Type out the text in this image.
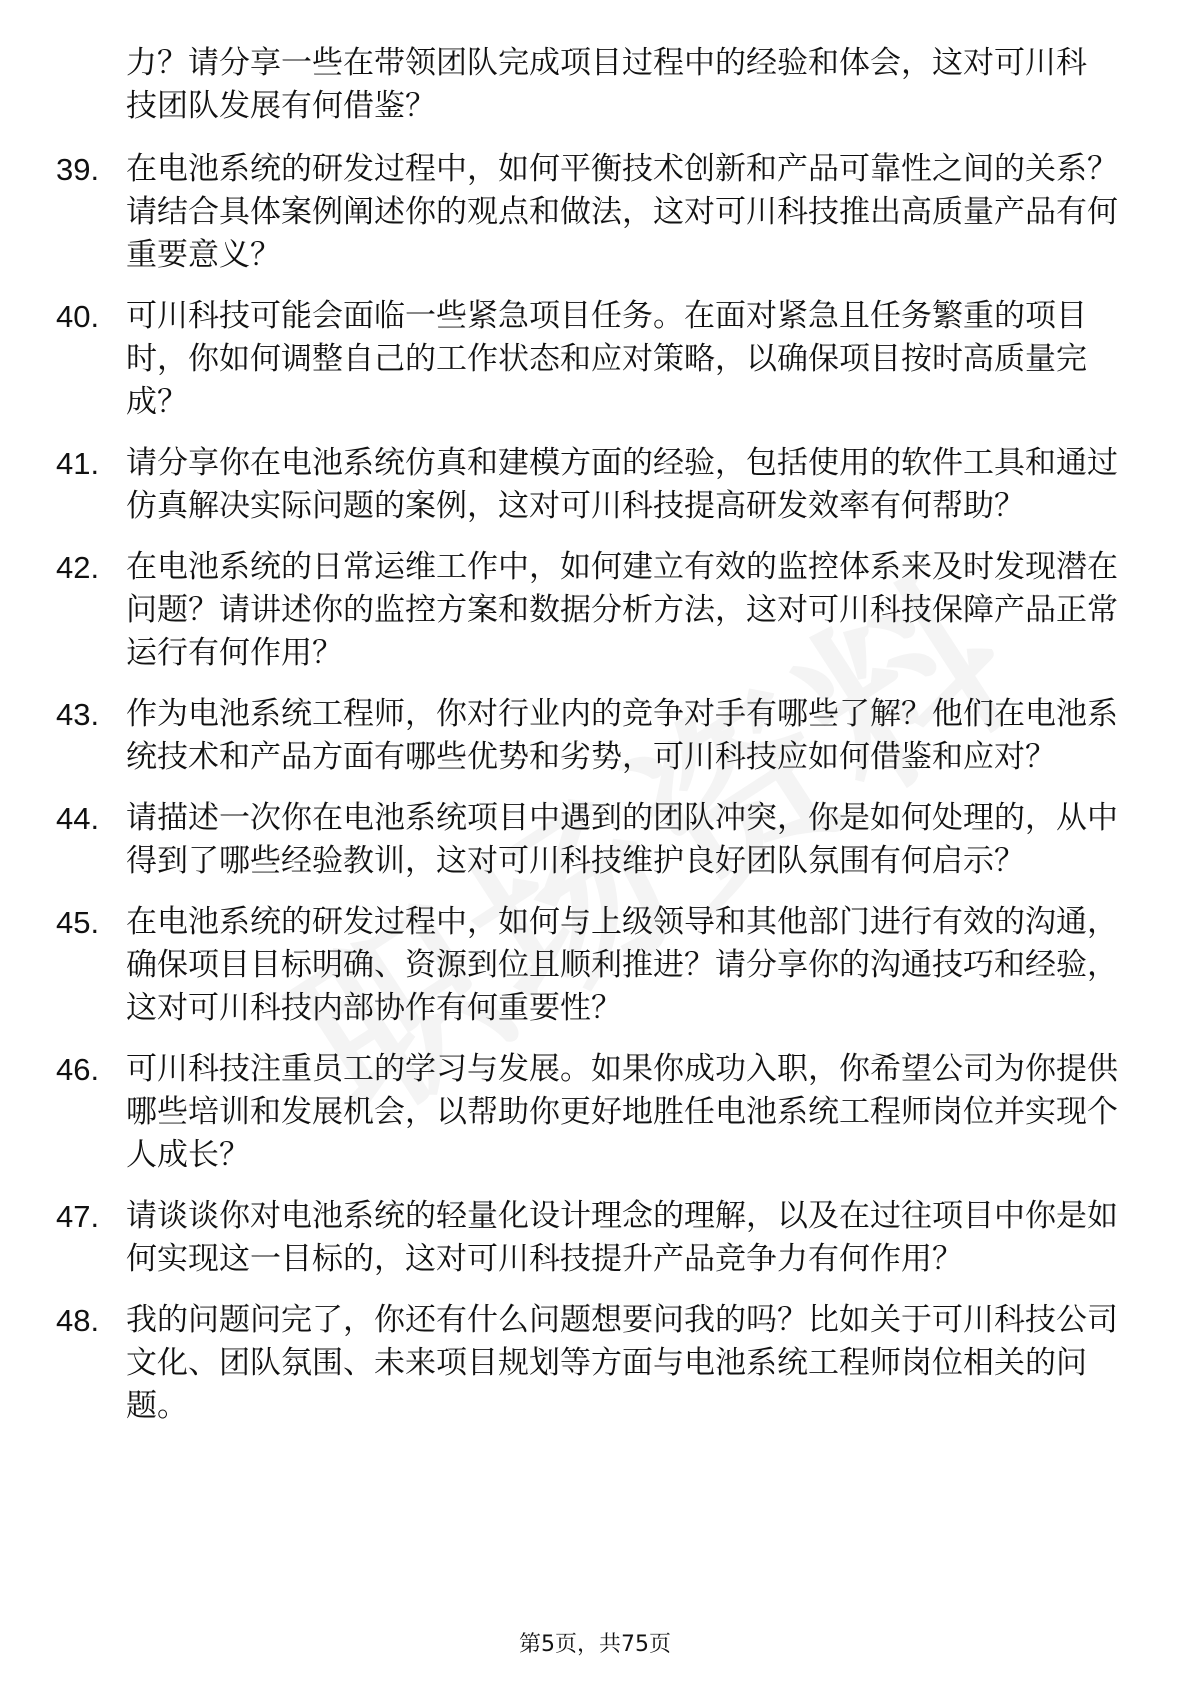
力？请分享一些在带领团队完成项目过程中的经验和体会，这对可川科技团队发展有何借鉴？
39. 在电池系统的研发过程中，如何平衡技术创新和产品可靠性之间的关系？请结合具体案例阐述你的观点和做法，这对可川科技推出高质量产品有何重要意义？
40. 可川科技可能会面临一些紧急项目任务。在面对紧急且任务繁重的项目时，你如何调整自己的工作状态和应对策略，以确保项目按时高质量完成？
41. 请分享你在电池系统仿真和建模方面的经验，包括使用的软件工具和通过仿真解决实际问题的案例，这对可川科技提高研发效率有何帮助？
42. 在电池系统的日常运维工作中，如何建立有效的监控体系来及时发现潜在问题？请讲述你的监控方案和数据分析方法，这对可川科技保障产品正常运行有何作用？
43. 作为电池系统工程师，你对行业内的竞争对手有哪些了解？他们在电池系统技术和产品方面有哪些优势和劣势，可川科技应如何借鉴和应对？
44. 请描述一次你在电池系统项目中遇到的团队冲突，你是如何处理的，从中得到了哪些经验教训，这对可川科技维护良好团队氛围有何启示？
45. 在电池系统的研发过程中，如何与上级领导和其他部门进行有效的沟通，确保项目目标明确、资源到位且顺利推进？请分享你的沟通技巧和经验，这对可川科技内部协作有何重要性？
46. 可川科技注重员工的学习与发展。如果你成功入职，你希望公司为你提供哪些培训和发展机会，以帮助你更好地胜任电池系统工程师岗位并实现个人成长？
47. 请谈谈你对电池系统的轻量化设计理念的理解，以及在过往项目中你是如何实现这一目标的，这对可川科技提升产品竞争力有何作用？
48. 我的问题问完了，你还有什么问题想要问我的吗？比如关于可川科技公司文化、团队氛围、未来项目规划等方面与电池系统工程师岗位相关的问题。
第5页，共75页
